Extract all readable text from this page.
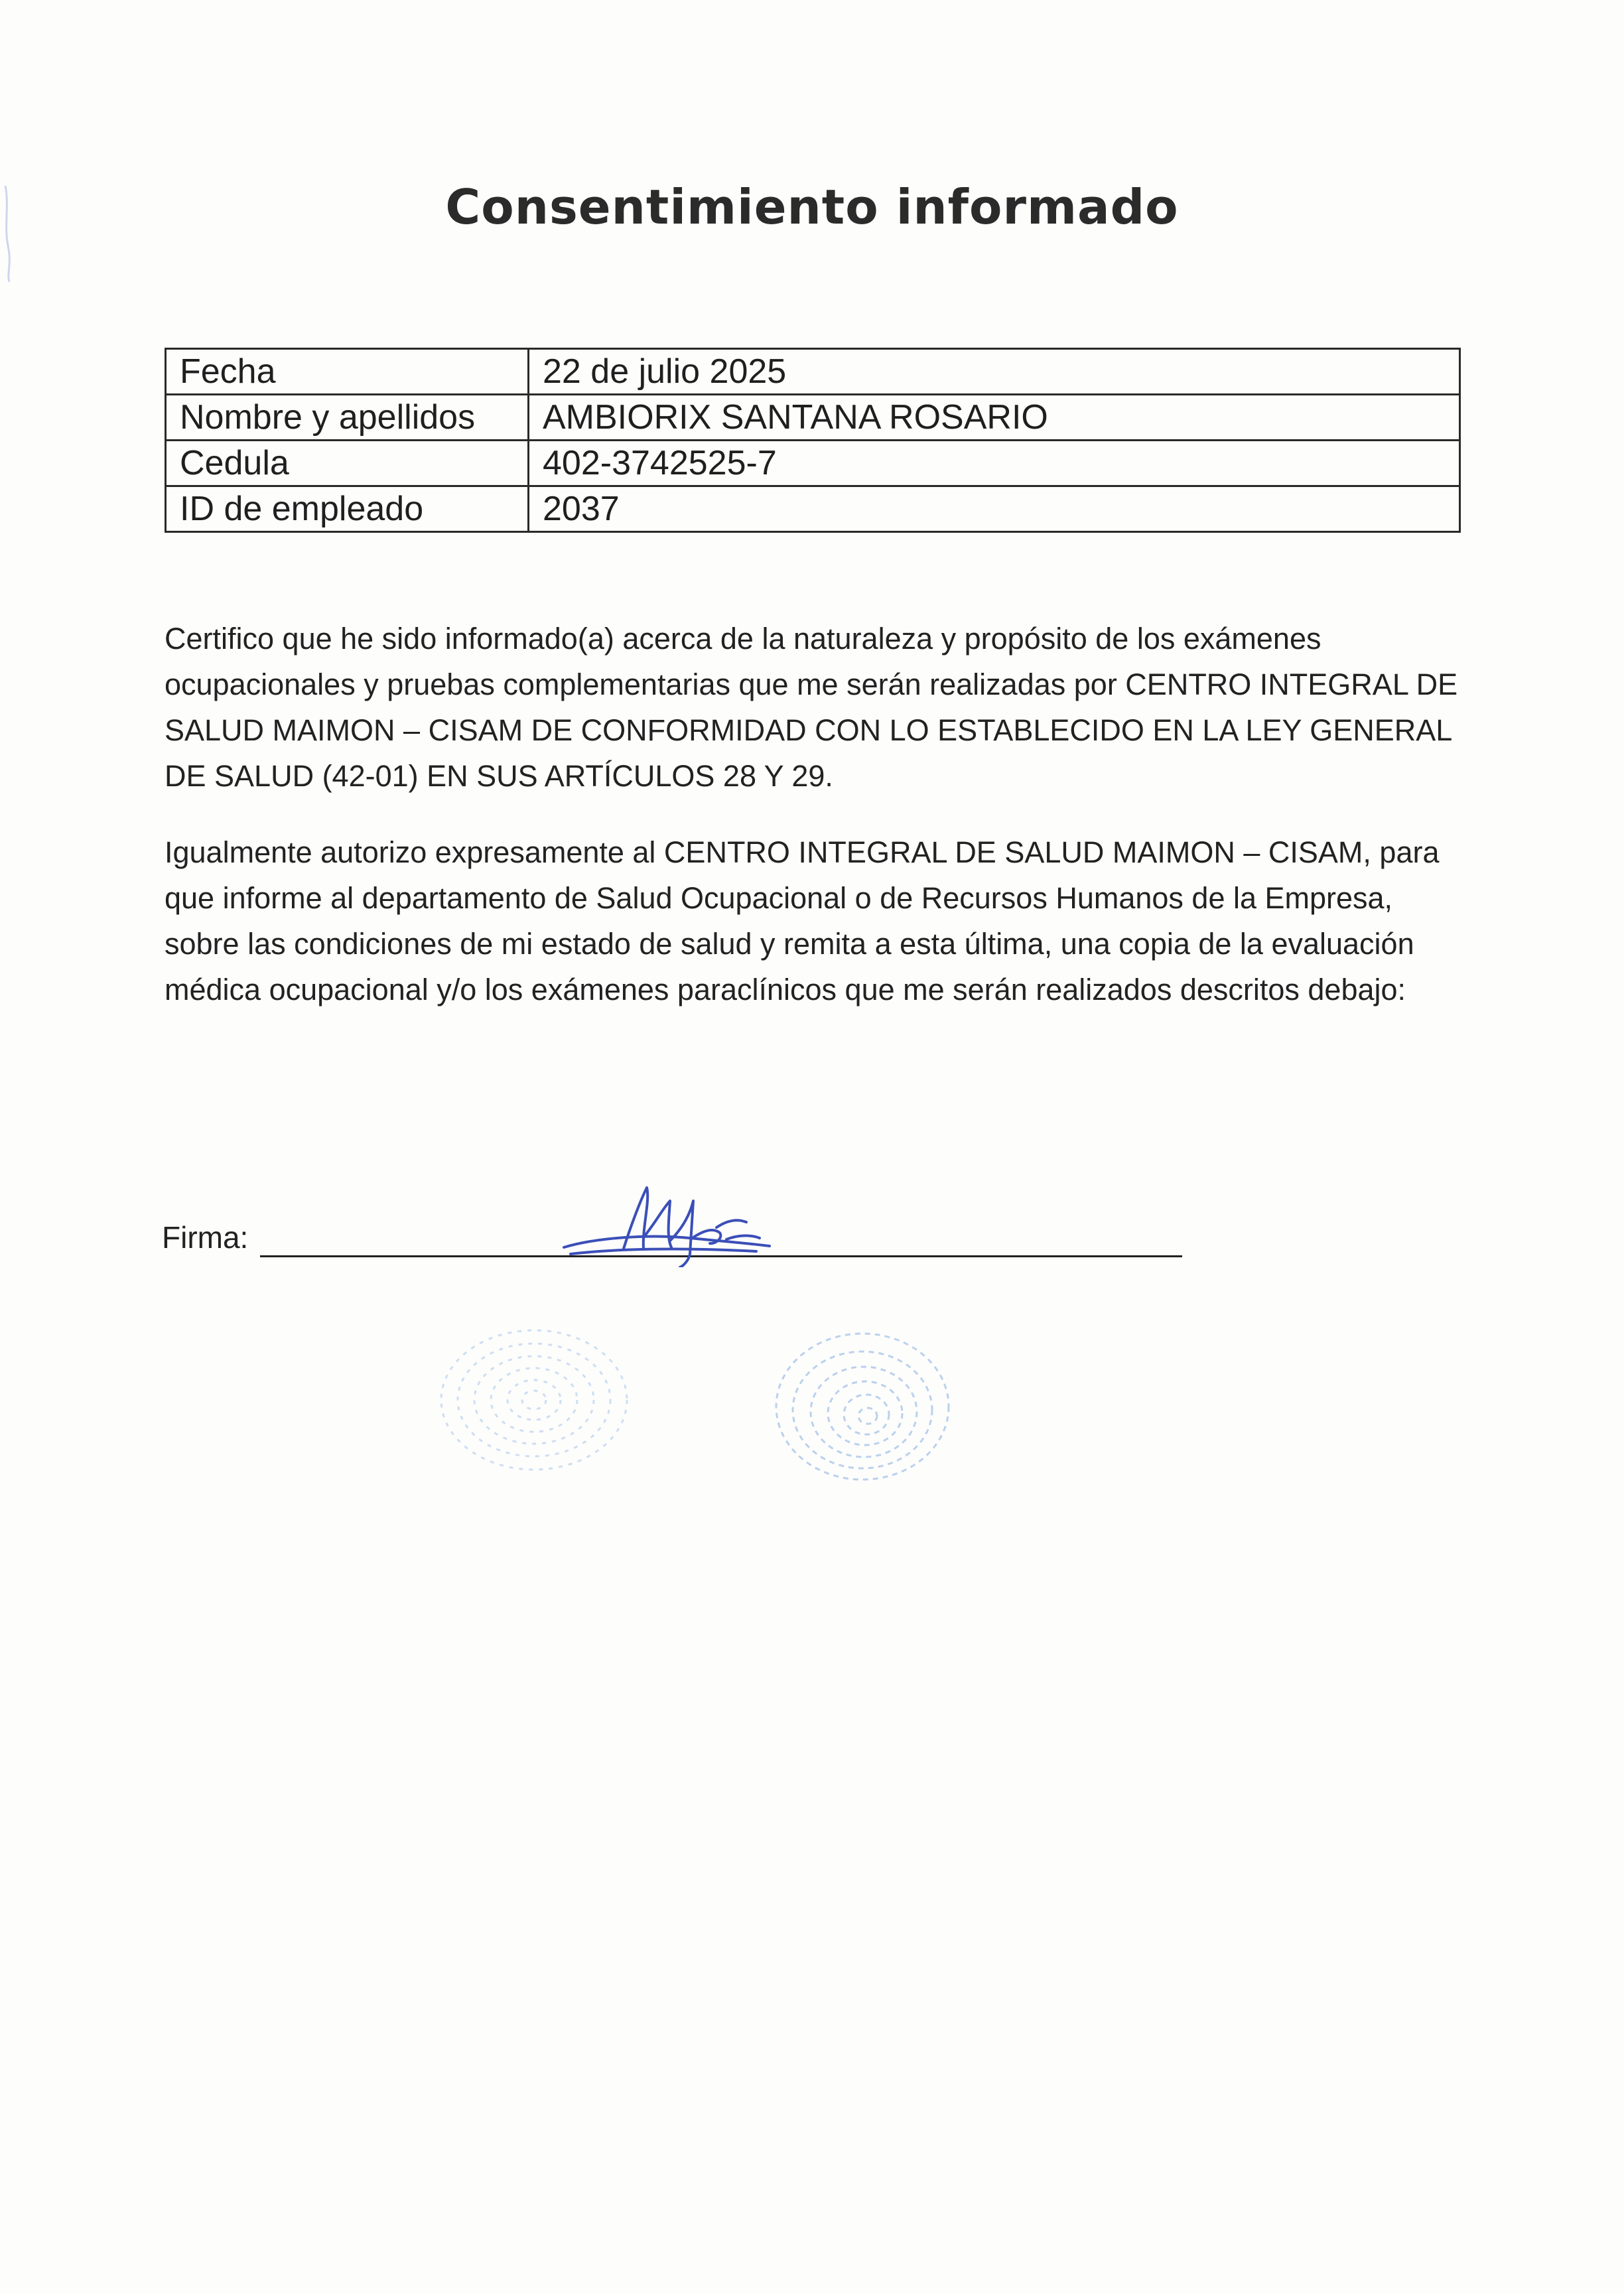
Consentimiento informado
Fecha	22 de julio 2025
Nombre y apellidos	AMBIORIX SANTANA ROSARIO
Cedula	402-3742525-7
ID de empleado	2037

Certifico que he sido informado(a) acerca de la naturaleza y propósito de los exámenes ocupacionales y pruebas complementarias que me serán realizadas por CENTRO INTEGRAL DE SALUD MAIMON – CISAM DE CONFORMIDAD CON LO ESTABLECIDO EN LA LEY GENERAL DE SALUD (42-01) EN SUS ARTÍCULOS 28 Y 29.

Igualmente autorizo expresamente al CENTRO INTEGRAL DE SALUD MAIMON – CISAM, para que informe al departamento de Salud Ocupacional o de Recursos Humanos de la Empresa, sobre las condiciones de mi estado de salud y remita a esta última, una copia de la evaluación médica ocupacional y/o los exámenes paraclínicos que me serán realizados descritos debajo:

Firma:
